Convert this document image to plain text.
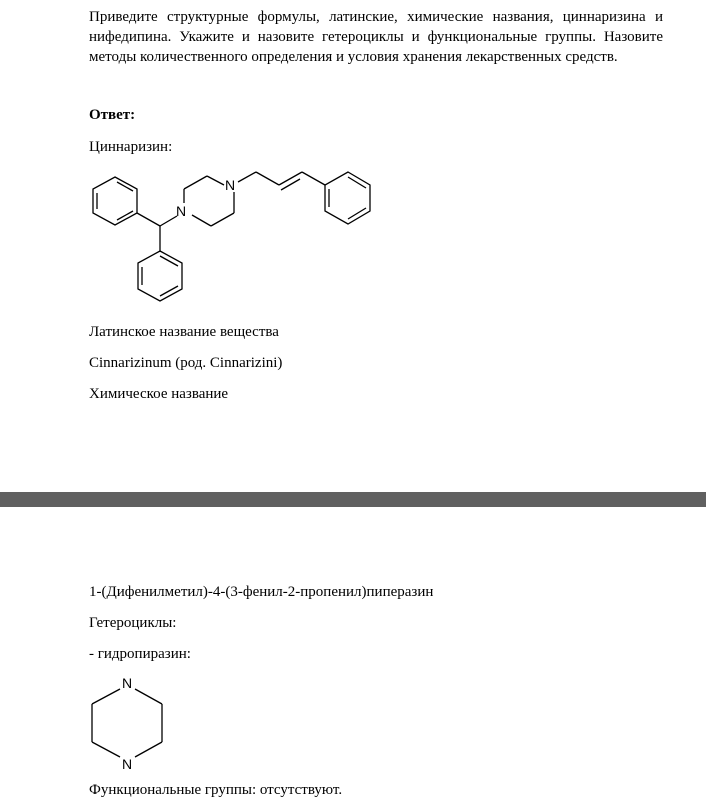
Приведите структурные формулы, латинские, химические названия, циннаризина и нифедипина. Укажите и назовите гетероциклы и функциональные группы. Назовите методы количественного определения и условия хранения лекарственных средств.

Ответ:

Циннаризин:

N
N

Латинское название вещества

Cinnarizinum (род. Cinnarizini)

Химическое название

1-(Дифенилметил)-4-(3-фенил-2-пропенил)пиперазин

Гетероциклы:

- гидропиразин:

N
N

Функциональные группы: отсутствуют.
